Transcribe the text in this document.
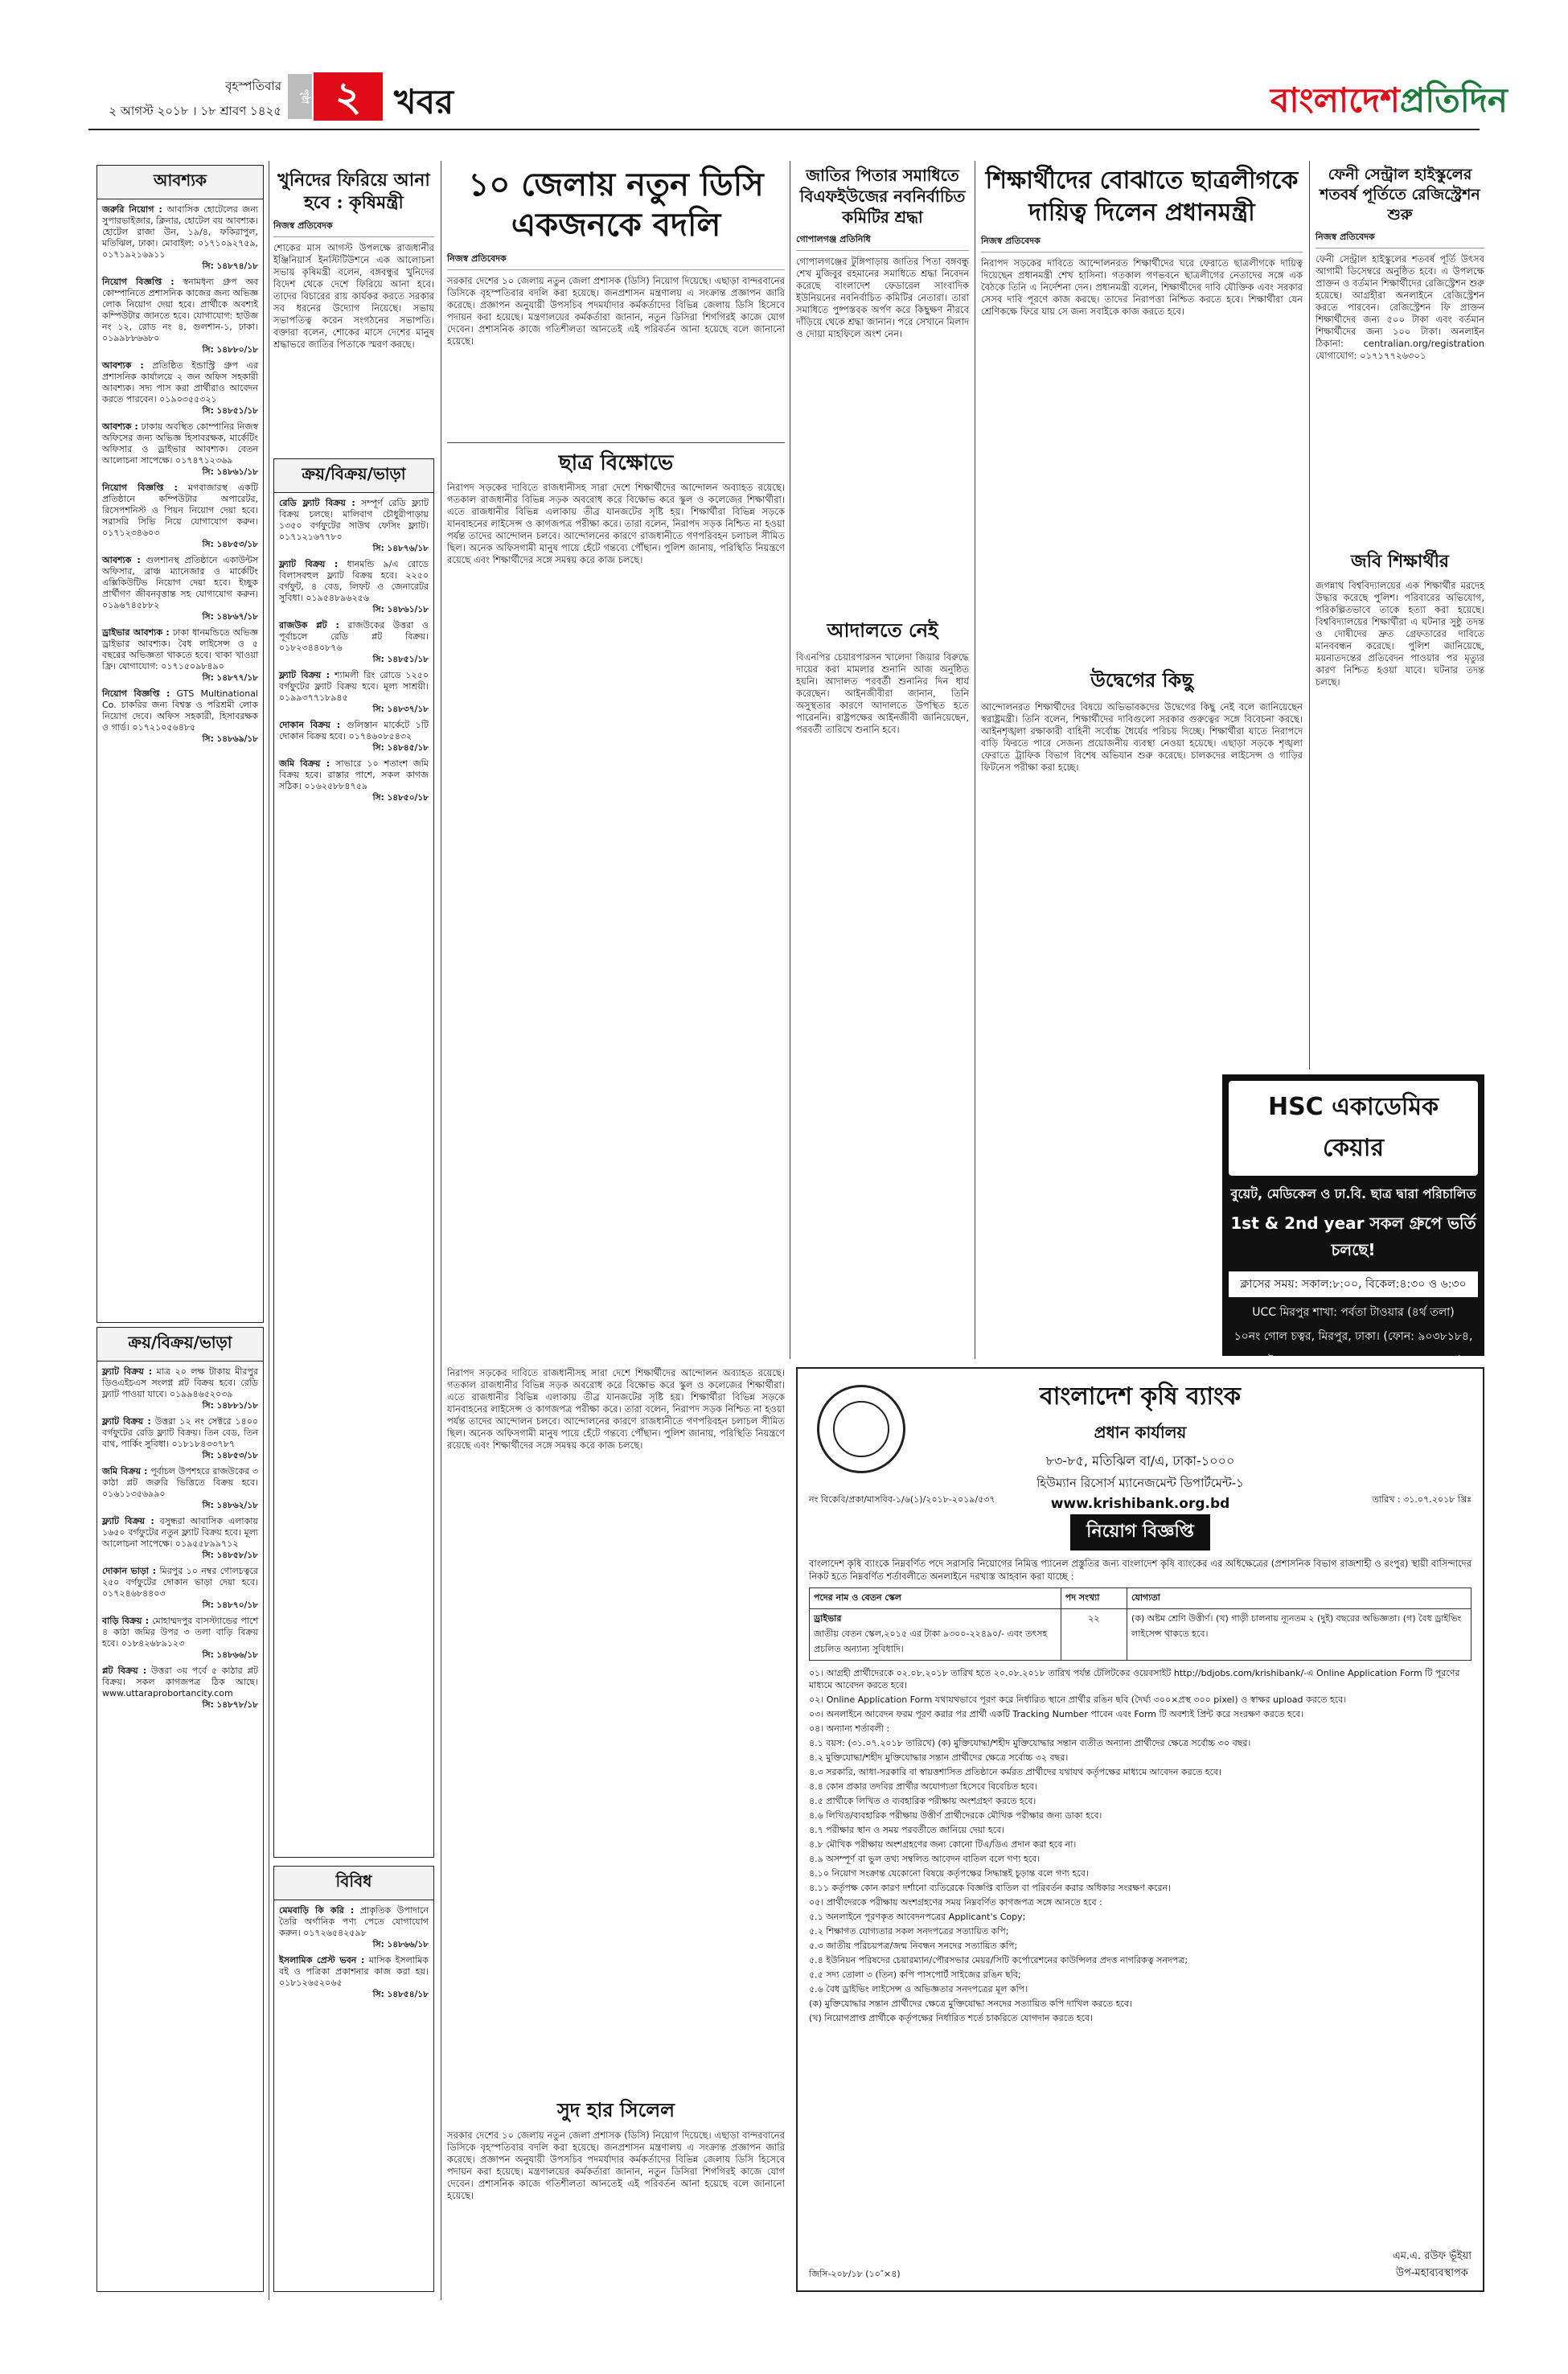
বৃহস্পতিবার
২ আগস্ট ২০১৮ । ১৮ শ্রাবণ ১৪২৫
পৃষ্ঠা ২ খবর	বাংলাদেশপ্রতিদিন
আবশ্যক
জরুরি নিয়োগ : আবাসিক হোটেলের জন্য সুপারভাইজার, ক্লিনার, হোটেল বয় আবশ্যক। হোটেল রাজা উন, ১৯/৪, ফকিরাপুল, মতিঝিল, ঢাকা। মোবাইল: ০১৭১০৯২৭৫৯, ০১৭১৯২১৬৯১১
সি: ১৪৮৭৪/১৮
নিয়োগ বিজ্ঞপ্তি : স্বনামধন্য গ্রুপ অব কোম্পানিতে প্রশাসনিক কাজের জন্য অভিজ্ঞ লোক নিয়োগ দেয়া হবে। প্রার্থীকে অবশ্যই কম্পিউটার জানতে হবে। যোগাযোগ: হাউজ নং ১২, রোড নং ৪, গুলশান-১, ঢাকা। ০১৯৯৮৮৬৬৮০
সি: ১৪৮৮০/১৮
আবশ্যক : প্রতিষ্ঠিত ইন্ডাস্ট্রি গ্রুপ এর প্রশাসনিক কার্যালয়ে ২ জন অফিস সহকারী আবশ্যক। সদ্য পাস করা প্রার্থীরাও আবেদন করতে পারবেন। ০১৯০৩৫৫৩২১
সি: ১৪৮৫১/১৮
আবশ্যক : ঢাকায় অবস্থিত কোম্পানির নিজস্ব অফিসের জন্য অভিজ্ঞ হিসাবরক্ষক, মার্কেটিং অফিসার ও ড্রাইভার আবশ্যক। বেতন আলোচনা সাপেক্ষে। ০১৭৪৭১২৩৬৯
সি: ১৪৮৬১/১৮
নিয়োগ বিজ্ঞপ্তি : মগবাজারস্থ একটি প্রতিষ্ঠানে কম্পিউটার অপারেটর, রিসেপশনিস্ট ও পিয়ন নিয়োগ দেয়া হবে। সরাসরি সিভি নিয়ে যোগাযোগ করুন। ০১৭১২৩৪৬০৩
সি: ১৪৮৫৩/১৮
আবশ্যক : গুলশানস্থ প্রতিষ্ঠানে একাউন্টস অফিসার, ব্রাঞ্চ ম্যানেজার ও মার্কেটিং এক্সিকিউটিভ নিয়োগ দেয়া হবে। ইচ্ছুক প্রার্থীগণ জীবনবৃত্তান্ত সহ যোগাযোগ করুন। ০১৯৬৭৪৫৮৮২
সি: ১৪৮৬৭/১৮
ড্রাইভার আবশ্যক : ঢাকা ধানমন্ডিতে অভিজ্ঞ ড্রাইভার আবশ্যক। বৈধ লাইসেন্স ও ৫ বছরের অভিজ্ঞতা থাকতে হবে। থাকা খাওয়া ফ্রি। যোগাযোগ: ০১৭১৫০৯৮৪৯০
সি: ১৪৮৭৭/১৮
নিয়োগ বিজ্ঞপ্তি : GTS Multinational Co. চাকরির জন্য বিশ্বস্ত ও পরিশ্রমী লোক নিয়োগ দেবে। অফিস সহকারী, হিসাবরক্ষক ও গার্ড। ০১৭২১০৫৬৪৮৫
সি: ১৪৮৬৯/১৮
ক্রয়/বিক্রয়/ভাড়া
ফ্ল্যাট বিক্রয় : মাত্র ২০ লক্ষ টাকায় মীরপুর ডিওএইচএস সংলগ্ন প্লট বিক্রয় হবে। রেডি ফ্ল্যাট পাওয়া যাবে। ০১৯৯৪৬৫২০৩৯
সি: ১৪৮৮১/১৮
ফ্ল্যাট বিক্রয় : উত্তরা ১২ নং সেক্টরে ১৪০০ বর্গফুটের রেডি ফ্ল্যাট বিক্রয়। তিন বেড, তিন বাথ, পার্কিং সুবিধা। ০১৮১৮৪৩৩৭৮৭
সি: ১৪৮৫৩/১৮
জমি বিক্রয় : পূর্বাচল উপশহরে রাজউকের ৩ কাঠা প্লট জরুরি ভিত্তিতে বিক্রয় হবে। ০১৬১১৩৫৬৯৯০
সি: ১৪৮৬২/১৮
ফ্ল্যাট বিক্রয় : বসুন্ধরা আবাসিক এলাকায় ১৬৫০ বর্গফুটের নতুন ফ্ল্যাট বিক্রয় হবে। মূল্য আলোচনা সাপেক্ষে। ০১৯৫৫৮৯৯৭১২
সি: ১৪৮৫৮/১৮
দোকান ভাড়া : মিরপুর ১০ নম্বর গোলচত্বরে ২৫০ বর্গফুটের দোকান ভাড়া দেয়া হবে। ০১৭২৪৬৮৪৪০৩
সি: ১৪৮৭০/১৮
বাড়ি বিক্রয় : মোহাম্মদপুর বাসস্ট্যান্ডের পাশে ৪ কাঠা জমির উপর ৩ তলা বাড়ি বিক্রয় হবে। ০১৮৪২৬৮৯১২৩
সি: ১৪৮৬৬/১৮
প্লট বিক্রয় : উত্তরা ৩য় পর্বে ৫ কাঠার প্লট বিক্রয়। সকল কাগজপত্র ঠিক আছে। www.uttaraprobortancity.com
সি: ১৪৮৭৮/১৮
খুনিদের ফিরিয়ে আনা হবে : কৃষিমন্ত্রী
নিজস্ব প্রতিবেদক
শোকের মাস আগস্ট উপলক্ষে রাজধানীর ইঞ্জিনিয়ার্স ইনস্টিটিউশনে এক আলোচনা সভায় কৃষিমন্ত্রী বলেন, বঙ্গবন্ধুর খুনিদের বিদেশ থেকে দেশে ফিরিয়ে আনা হবে। তাদের বিচারের রায় কার্যকর করতে সরকার সব ধরনের উদ্যোগ নিয়েছে। সভায় সভাপতিত্ব করেন সংগঠনের সভাপতি। বক্তারা বলেন, শোকের মাসে দেশের মানুষ শ্রদ্ধাভরে জাতির পিতাকে স্মরণ করছে।
ক্রয়/বিক্রয়/ভাড়া
রেডি ফ্ল্যাট বিক্রয় : সম্পূর্ণ রেডি ফ্ল্যাট বিক্রয় চলছে। মালিবাগ চৌধুরীপাড়ায় ১৩৫০ বর্গফুটের সাউথ ফেসিং ফ্ল্যাট। ০১৭১২১৬৭৭৮০
সি: ১৪৮৭৬/১৮
ফ্ল্যাট বিক্রয় : ধানমন্ডি ৯/এ রোডে বিলাসবহুল ফ্ল্যাট বিক্রয় হবে। ২২৫০ বর্গফুট, ৪ বেড, লিফট ও জেনারেটর সুবিধা। ০১৯৫৪৮৯৬২৫৬
সি: ১৪৮৬১/১৮
রাজউক প্লট : রাজউকের উত্তরা ও পূর্বাচলে রেডি প্লট বিক্রয়। ০১৮২৩৪৪০৮৭৬
সি: ১৪৮৫১/১৮
ফ্ল্যাট বিক্রয় : শ্যামলী রিং রোডে ১২৫০ বর্গফুটের ফ্ল্যাট বিক্রয় হবে। মূল্য সাশ্রয়ী। ০১৯৯৩৭৭১৮৯৪৫
সি: ১৪৮৩৭/১৮
দোকান বিক্রয় : গুলিস্তান মার্কেটে ১টি দোকান বিক্রয় হবে। ০১৭৪৬০৮৫৪৩২
সি: ১৪৮৪৫/১৮
জমি বিক্রয় : সাভারে ১০ শতাংশ জমি বিক্রয় হবে। রাস্তার পাশে, সকল কাগজ সঠিক। ০১৬২৫৮৮৪৭৫৯
সি: ১৪৮৫০/১৮
বিবিধ
মেমবাড়ি কি করি : প্রাকৃতিক উপাদানে তৈরি অর্গানিক পণ্য পেতে যোগাযোগ করুন। ০১৭২৬৫৪২৫৯৮
সি: ১৪৮৬৬/১৮
ইসলামিক প্রেস্ট ভবন : মাসিক ইসলামিক বই ও পত্রিকা প্রকাশনার কাজ করা হয়। ০১৮১২৬৫২০৬৫
সি: ১৪৮৫৪/১৮
১০ জেলায় নতুন ডিসি একজনকে বদলি
নিজস্ব প্রতিবেদক
সরকার দেশের ১০ জেলায় নতুন জেলা প্রশাসক (ডিসি) নিয়োগ দিয়েছে। এছাড়া বান্দরবানের ডিসিকে বৃহস্পতিবার বদলি করা হয়েছে। জনপ্রশাসন মন্ত্রণালয় এ সংক্রান্ত প্রজ্ঞাপন জারি করেছে। প্রজ্ঞাপন অনুযায়ী উপসচিব পদমর্যাদার কর্মকর্তাদের বিভিন্ন জেলায় ডিসি হিসেবে পদায়ন করা হয়েছে। মন্ত্রণালয়ের কর্মকর্তারা জানান, নতুন ডিসিরা শিগগিরই কাজে যোগ দেবেন। প্রশাসনিক কাজে গতিশীলতা আনতেই এই পরিবর্তন আনা হয়েছে বলে জানানো হয়েছে।
ছাত্র বিক্ষোভে
নিরাপদ সড়কের দাবিতে রাজধানীসহ সারা দেশে শিক্ষার্থীদের আন্দোলন অব্যাহত রয়েছে। গতকাল রাজধানীর বিভিন্ন সড়ক অবরোধ করে বিক্ষোভ করে স্কুল ও কলেজের শিক্ষার্থীরা। এতে রাজধানীর বিভিন্ন এলাকায় তীব্র যানজটের সৃষ্টি হয়। শিক্ষার্থীরা বিভিন্ন সড়কে যানবাহনের লাইসেন্স ও কাগজপত্র পরীক্ষা করে। তারা বলেন, নিরাপদ সড়ক নিশ্চিত না হওয়া পর্যন্ত তাদের আন্দোলন চলবে। আন্দোলনের কারণে রাজধানীতে গণপরিবহন চলাচল সীমিত ছিল। অনেক অফিসগামী মানুষ পায়ে হেঁটে গন্তব্যে পৌঁছান। পুলিশ জানায়, পরিস্থিতি নিয়ন্ত্রণে রয়েছে এবং শিক্ষার্থীদের সঙ্গে সমন্বয় করে কাজ চলছে।
নিরাপদ সড়কের দাবিতে রাজধানীসহ সারা দেশে শিক্ষার্থীদের আন্দোলন অব্যাহত রয়েছে। গতকাল রাজধানীর বিভিন্ন সড়ক অবরোধ করে বিক্ষোভ করে স্কুল ও কলেজের শিক্ষার্থীরা। এতে রাজধানীর বিভিন্ন এলাকায় তীব্র যানজটের সৃষ্টি হয়। শিক্ষার্থীরা বিভিন্ন সড়কে যানবাহনের লাইসেন্স ও কাগজপত্র পরীক্ষা করে। তারা বলেন, নিরাপদ সড়ক নিশ্চিত না হওয়া পর্যন্ত তাদের আন্দোলন চলবে। আন্দোলনের কারণে রাজধানীতে গণপরিবহন চলাচল সীমিত ছিল। অনেক অফিসগামী মানুষ পায়ে হেঁটে গন্তব্যে পৌঁছান। পুলিশ জানায়, পরিস্থিতি নিয়ন্ত্রণে রয়েছে এবং শিক্ষার্থীদের সঙ্গে সমন্বয় করে কাজ চলছে।
সুদ হার সিলেল
সরকার দেশের ১০ জেলায় নতুন জেলা প্রশাসক (ডিসি) নিয়োগ দিয়েছে। এছাড়া বান্দরবানের ডিসিকে বৃহস্পতিবার বদলি করা হয়েছে। জনপ্রশাসন মন্ত্রণালয় এ সংক্রান্ত প্রজ্ঞাপন জারি করেছে। প্রজ্ঞাপন অনুযায়ী উপসচিব পদমর্যাদার কর্মকর্তাদের বিভিন্ন জেলায় ডিসি হিসেবে পদায়ন করা হয়েছে। মন্ত্রণালয়ের কর্মকর্তারা জানান, নতুন ডিসিরা শিগগিরই কাজে যোগ দেবেন। প্রশাসনিক কাজে গতিশীলতা আনতেই এই পরিবর্তন আনা হয়েছে বলে জানানো হয়েছে।
জাতির পিতার সমাধিতে বিএফইউজের নবনির্বাচিত কমিটির শ্রদ্ধা
গোপালগঞ্জ প্রতিনিধি
গোপালগঞ্জের টুঙ্গিপাড়ায় জাতির পিতা বঙ্গবন্ধু শেখ মুজিবুর রহমানের সমাধিতে শ্রদ্ধা নিবেদন করেছে বাংলাদেশ ফেডারেল সাংবাদিক ইউনিয়নের নবনির্বাচিত কমিটির নেতারা। তারা সমাধিতে পুষ্পস্তবক অর্পণ করে কিছুক্ষণ নীরবে দাঁড়িয়ে থেকে শ্রদ্ধা জানান। পরে সেখানে মিলাদ ও দোয়া মাহফিলে অংশ নেন।
আদালতে নেই
বিএনপির চেয়ারপারসন খালেদা জিয়ার বিরুদ্ধে দায়ের করা মামলার শুনানি আজ অনুষ্ঠিত হয়নি। আদালত পরবর্তী শুনানির দিন ধার্য করেছেন। আইনজীবীরা জানান, তিনি অসুস্থতার কারণে আদালতে উপস্থিত হতে পারেননি। রাষ্ট্রপক্ষের আইনজীবী জানিয়েছেন, পরবর্তী তারিখে শুনানি হবে।
শিক্ষার্থীদের বোঝাতে ছাত্রলীগকে দায়িত্ব দিলেন প্রধানমন্ত্রী
নিজস্ব প্রতিবেদক
নিরাপদ সড়কের দাবিতে আন্দোলনরত শিক্ষার্থীদের ঘরে ফেরাতে ছাত্রলীগকে দায়িত্ব দিয়েছেন প্রধানমন্ত্রী শেখ হাসিনা। গতকাল গণভবনে ছাত্রলীগের নেতাদের সঙ্গে এক বৈঠকে তিনি এ নির্দেশনা দেন। প্রধানমন্ত্রী বলেন, শিক্ষার্থীদের দাবি যৌক্তিক এবং সরকার সেসব দাবি পূরণে কাজ করছে। তাদের নিরাপত্তা নিশ্চিত করতে হবে। শিক্ষার্থীরা যেন শ্রেণিকক্ষে ফিরে যায় সে জন্য সবাইকে কাজ করতে হবে।
উদ্বেগের কিছু
আন্দোলনরত শিক্ষার্থীদের বিষয়ে অভিভাবকদের উদ্বেগের কিছু নেই বলে জানিয়েছেন স্বরাষ্ট্রমন্ত্রী। তিনি বলেন, শিক্ষার্থীদের দাবিগুলো সরকার গুরুত্বের সঙ্গে বিবেচনা করছে। আইনশৃঙ্খলা রক্ষাকারী বাহিনী সর্বোচ্চ ধৈর্যের পরিচয় দিচ্ছে। শিক্ষার্থীরা যাতে নিরাপদে বাড়ি ফিরতে পারে সেজন্য প্রয়োজনীয় ব্যবস্থা নেওয়া হয়েছে। এছাড়া সড়কে শৃঙ্খলা ফেরাতে ট্রাফিক বিভাগ বিশেষ অভিযান শুরু করেছে। চালকদের লাইসেন্স ও গাড়ির ফিটনেস পরীক্ষা করা হচ্ছে।
ফেনী সেন্ট্রাল হাইস্কুলের শতবর্ষ পূর্তিতে রেজিস্ট্রেশন শুরু
নিজস্ব প্রতিবেদক
ফেনী সেন্ট্রাল হাইস্কুলের শতবর্ষ পূর্তি উৎসব আগামী ডিসেম্বরে অনুষ্ঠিত হবে। এ উপলক্ষে প্রাক্তন ও বর্তমান শিক্ষার্থীদের রেজিস্ট্রেশন শুরু হয়েছে। আগ্রহীরা অনলাইনে রেজিস্ট্রেশন করতে পারবেন। রেজিস্ট্রেশন ফি প্রাক্তন শিক্ষার্থীদের জন্য ৫০০ টাকা এবং বর্তমান শিক্ষার্থীদের জন্য ১০০ টাকা। অনলাইন ঠিকানা: centralian.org/registration যোগাযোগ: ০১৭১৭৭২৬৩০১
জবি শিক্ষার্থীর
জগন্নাথ বিশ্ববিদ্যালয়ের এক শিক্ষার্থীর মরদেহ উদ্ধার করেছে পুলিশ। পরিবারের অভিযোগ, পরিকল্পিতভাবে তাকে হত্যা করা হয়েছে। বিশ্ববিদ্যালয়ের শিক্ষার্থীরা এ ঘটনার সুষ্ঠু তদন্ত ও দোষীদের দ্রুত গ্রেফতারের দাবিতে মানববন্ধন করেছে। পুলিশ জানিয়েছে, ময়নাতদন্তের প্রতিবেদন পাওয়ার পর মৃত্যুর কারণ নিশ্চিত হওয়া যাবে। ঘটনার তদন্ত চলছে।
HSC একাডেমিক কেয়ার
বুয়েট, মেডিকেল ও ঢা.বি. ছাত্র দ্বারা পরিচালিত
1st & 2nd year সকল গ্রুপে ভর্তি চলছে!
ক্লাসের সময়: সকাল:৮:০০, বিকেল:৪:৩০ ও ৬:৩০
UCC মিরপুর শাখা: পর্বতা টাওয়ার (৪র্থ তলা)
১০নং গোল চত্বর, মিরপুর, ঢাকা। (ফোন: ৯০৩৮১৮৪,
মোবাইল: ০১৮১৯৮৭০৬২৩, ০১৯৮৩০৩২৯১৬)
বাংলাদেশ কৃষি ব্যাংক
প্রধান কার্যালয়
৮৩-৮৫, মতিঝিল বা/এ, ঢাকা-১০০০
হিউম্যান রিসোর্স ম্যানেজমেন্ট ডিপার্টমেন্ট-১
www.krishibank.org.bd
নং বিকেবি/প্রকা/মাসবিব-১/৬(১)/২০১৮-২০১৯/৫৩৭	তারিখ : ৩১.০৭.২০১৮ খ্রিঃ
নিয়োগ বিজ্ঞপ্তি
বাংলাদেশ কৃষি ব্যাংকে নিম্নবর্ণিত পদে সরাসরি নিয়োগের নিমিত্ত প্যানেল প্রস্তুতির জন্য বাংলাদেশ কৃষি ব্যাংকের এর অধিক্ষেত্রের (প্রশাসনিক বিভাগ রাজশাহী ও রংপুর) স্থায়ী বাসিন্দাদের নিকট হতে নিম্নবর্ণিত শর্তাবলীতে অনলাইনে দরখাস্ত আহবান করা যাচ্ছে :
পদের নাম ও বেতন স্কেল	পদ সংখ্যা	যোগ্যতা

ড্রাইভার
জাতীয় বেতন স্কেল,২০১৫ এর টাকা ৯৩০০-২২৪৯০/- এবং তৎসহ প্রচলিত অন্যান্য সুবিধাদি।	২২	(ক) অষ্টম শ্রেণি উত্তীর্ণ। (খ) গাড়ী চালনায় ন্যূনতম ২ (দুই) বছরের অভিজ্ঞতা। (গ) বৈধ ড্রাইভিং লাইসেন্স থাকতে হবে।
০১। আগ্রহী প্রার্থীদেরকে ০২.০৮.২০১৮ তারিখ হতে ২০.০৮.২০১৮ তারিখ পর্যন্ত টেলিটকের ওয়েবসাইট http://bdjobs.com/krishibank/-এ Online Application Form টি পূরণের মাধ্যমে আবেদন করতে হবে।
০২। Online Application Form যথাযথভাবে পূরণ করে নির্ধারিত স্থানে প্রার্থীর রঙিন ছবি (দৈর্ঘ্য ৩০০×প্রস্থ ৩০০ pixel) ও স্বাক্ষর upload করতে হবে।
০৩। অনলাইনে আবেদন ফরম পূরণ করার পর প্রার্থী একটি Tracking Number পাবেন এবং Form টি অবশ্যই প্রিন্ট করে সংরক্ষণ করতে হবে।
০৪। অন্যান্য শর্তাবলী :
৪.১ বয়স: (৩১.০৭.২০১৮ তারিখে) (ক) মুক্তিযোদ্ধা/শহীদ মুক্তিযোদ্ধার সন্তান ব্যতীত অন্যান্য প্রার্থীদের ক্ষেত্রে সর্বোচ্চ ৩০ বছর।
৪.২ মুক্তিযোদ্ধা/শহীদ মুক্তিযোদ্ধার সন্তান প্রার্থীদের ক্ষেত্রে সর্বোচ্চ ৩২ বছর।
৪.৩ সরকারি, আধা-সরকারি বা স্বায়ত্তশাসিত প্রতিষ্ঠানে কর্মরত প্রার্থীদের যথাযথ কর্তৃপক্ষের মাধ্যমে আবেদন করতে হবে।
৪.৪ কোন প্রকার তদবির প্রার্থীর অযোগ্যতা হিসেবে বিবেচিত হবে।
৪.৫ প্রার্থীকে লিখিত ও ব্যবহারিক পরীক্ষায় অংশগ্রহণ করতে হবে।
৪.৬ লিখিত/ব্যবহারিক পরীক্ষায় উত্তীর্ণ প্রার্থীদেরকে মৌখিক পরীক্ষার জন্য ডাকা হবে।
৪.৭ পরীক্ষার স্থান ও সময় পরবর্তীতে জানিয়ে দেয়া হবে।
৪.৮ মৌখিক পরীক্ষায় অংশগ্রহণের জন্য কোনো টিএ/ডিএ প্রদান করা হবে না।
৪.৯ অসম্পূর্ণ বা ভুল তথ্য সম্বলিত আবেদন বাতিল বলে গণ্য হবে।
৪.১০ নিয়োগ সংক্রান্ত যেকোনো বিষয়ে কর্তৃপক্ষের সিদ্ধান্তই চূড়ান্ত বলে গণ্য হবে।
৪.১১ কর্তৃপক্ষ কোন কারণ দর্শানো ব্যতিরেকে বিজ্ঞপ্তি বাতিল বা পরিবর্তন করার অধিকার সংরক্ষণ করেন।
০৫। প্রার্থীদেরকে পরীক্ষায় অংশগ্রহণের সময় নিম্নবর্ণিত কাগজপত্র সঙ্গে আনতে হবে :
৫.১ অনলাইনে পূরণকৃত আবেদনপত্রের Applicant's Copy;
৫.২ শিক্ষাগত যোগ্যতার সকল সনদপত্রের সত্যায়িত কপি;
৫.৩ জাতীয় পরিচয়পত্র/জন্ম নিবন্ধন সনদের সত্যায়িত কপি;
৫.৪ ইউনিয়ন পরিষদের চেয়ারম্যান/পৌরসভার মেয়র/সিটি কর্পোরেশনের কাউন্সিলর প্রদত্ত নাগরিকত্ব সনদপত্র;
৫.৫ সদ্য তোলা ৩ (তিন) কপি পাসপোর্ট সাইজের রঙিন ছবি;
৫.৬ বৈধ ড্রাইভিং লাইসেন্স ও অভিজ্ঞতার সনদপত্রের মূল কপি।
(ক) মুক্তিযোদ্ধার সন্তান প্রার্থীদের ক্ষেত্রে মুক্তিযোদ্ধা সনদের সত্যায়িত কপি দাখিল করতে হবে।
(খ) নিয়োগপ্রাপ্ত প্রার্থীকে কর্তৃপক্ষের নির্ধারিত শর্তে চাকরিতে যোগদান করতে হবে।
জিসি-২০৮/১৮ (১০″×৪)
এম.এ. রউফ ভূঁইয়া
উপ-মহাব্যবস্থাপক
